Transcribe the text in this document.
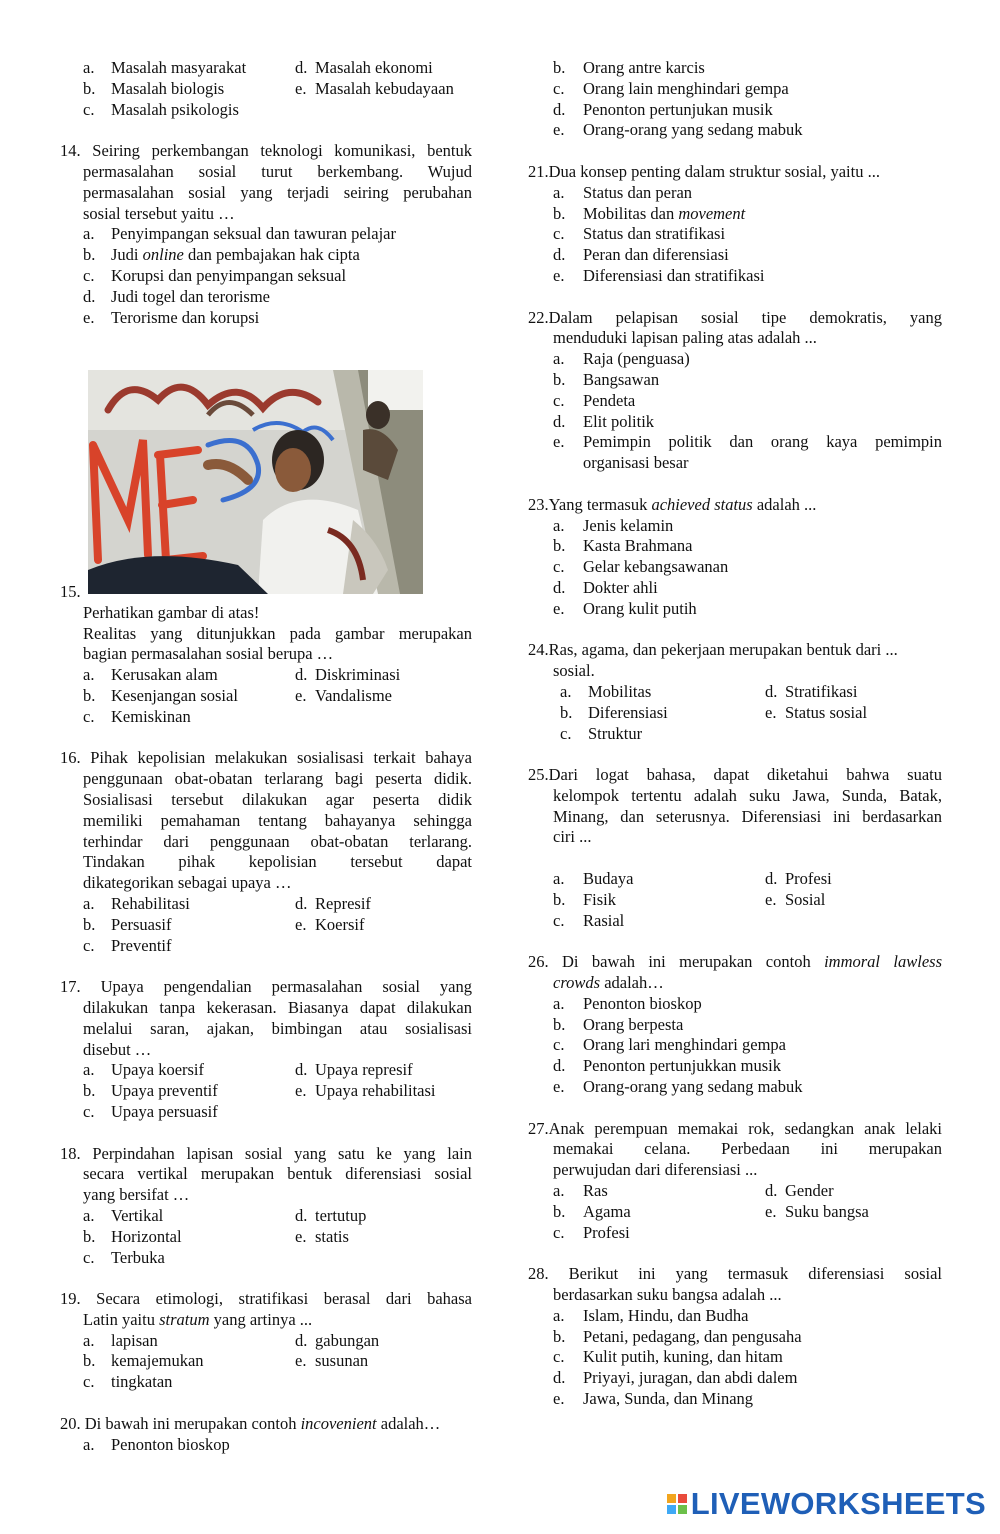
a.	Masalah masyarakat	d. Masalah ekonomi
b. Masalah biologis	e. Masalah kebudayaan
c.	Masalah psikologis
14. Seiring perkembangan teknologi komunikasi, bentuk
permasalahan sosial turut berkembang. Wujud
permasalahan sosial yang terjadi seiring perubahan
sosial tersebut yaitu …
a.	Penyimpangan seksual dan tawuran pelajar
b. Judi online dan pembajakan hak cipta
c.	Korupsi dan penyimpangan seksual
d. Judi togel dan terorisme
e.	Terorisme dan korupsi
15.
Perhatikan gambar di atas!
Realitas yang ditunjukkan pada gambar merupakan
bagian permasalahan sosial berupa …
a.	Kerusakan alam	d. Diskriminasi
b. Kesenjangan sosial	e. Vandalisme
c.	Kemiskinan
16. Pihak kepolisian melakukan sosialisasi terkait bahaya
penggunaan obat-obatan terlarang bagi peserta didik.
Sosialisasi tersebut dilakukan agar peserta didik
memiliki pemahaman tentang bahayanya sehingga
terhindar dari penggunaan obat-obatan terlarang.
Tindakan pihak kepolisian tersebut dapat
dikategorikan sebagai upaya …
a.	Rehabilitasi	d. Represif
b. Persuasif	e. Koersif
c.	Preventif
17. Upaya pengendalian permasalahan sosial yang
dilakukan tanpa kekerasan. Biasanya dapat dilakukan
melalui saran, ajakan, bimbingan atau sosialisasi
disebut …
a.	Upaya koersif	d. Upaya represif
b. Upaya preventif	e. Upaya rehabilitasi
c.	Upaya persuasif
18. Perpindahan lapisan sosial yang satu ke yang lain
secara vertikal merupakan bentuk diferensiasi sosial
yang bersifat …
a.	Vertikal	d. tertutup
b. Horizontal	e. statis
c.	Terbuka
19. Secara etimologi, stratifikasi berasal dari bahasa
Latin yaitu stratum yang artinya ...
a.	lapisan	d. gabungan
b. kemajemukan	e. susunan
c.	tingkatan
20. Di bawah ini merupakan contoh incovenient adalah…
a.	Penonton bioskop
b.	Orang antre karcis
c.	Orang lain menghindari gempa
d.	Penonton pertunjukan musik
e.	Orang-orang yang sedang mabuk
21.Dua konsep penting dalam struktur sosial, yaitu ...
a.	Status dan peran
b.	Mobilitas dan movement
c.	Status dan stratifikasi
d.	Peran dan diferensiasi
e.	Diferensiasi dan stratifikasi
22.Dalam pelapisan sosial tipe demokratis, yang
menduduki lapisan paling atas adalah ...
a.	Raja (penguasa)
b.	Bangsawan
c.	Pendeta
d.	Elit politik
e.	Pemimpin politik dan orang kaya pemimpin
organisasi besar
23.Yang termasuk achieved status adalah ...
a.	Jenis kelamin
b.	Kasta Brahmana
c.	Gelar kebangsawanan
d.	Dokter ahli
e.	Orang kulit putih
24.Ras, agama, dan pekerjaan merupakan bentuk dari ...
sosial.
a.	Mobilitas	d. Stratifikasi
b. Diferensiasi	e. Status sosial
c.	Struktur
25.Dari logat bahasa, dapat diketahui bahwa suatu
kelompok tertentu adalah suku Jawa, Sunda, Batak,
Minang, dan seterusnya. Diferensiasi ini berdasarkan
ciri ...
a.	Budaya	d. Profesi
b.	Fisik	e. Sosial
c.	Rasial
26. Di bawah ini merupakan contoh immoral lawless
crowds adalah…
a.	Penonton bioskop
b.	Orang berpesta
c.	Orang lari menghindari gempa
d.	Penonton pertunjukkan musik
e.	Orang-orang yang sedang mabuk
27.Anak perempuan memakai rok, sedangkan anak lelaki
memakai celana. Perbedaan ini merupakan
perwujudan dari diferensiasi ...
a.	Ras	d. Gender
b.	Agama	e. Suku bangsa
c.	Profesi
28. Berikut ini yang termasuk diferensiasi sosial
berdasarkan suku bangsa adalah ...
a.	Islam, Hindu, dan Budha
b.	Petani, pedagang, dan pengusaha
c.	Kulit putih, kuning, dan hitam
d.	Priyayi, juragan, dan abdi dalem
e.	Jawa, Sunda, dan Minang
LIVEWORKSHEETS
